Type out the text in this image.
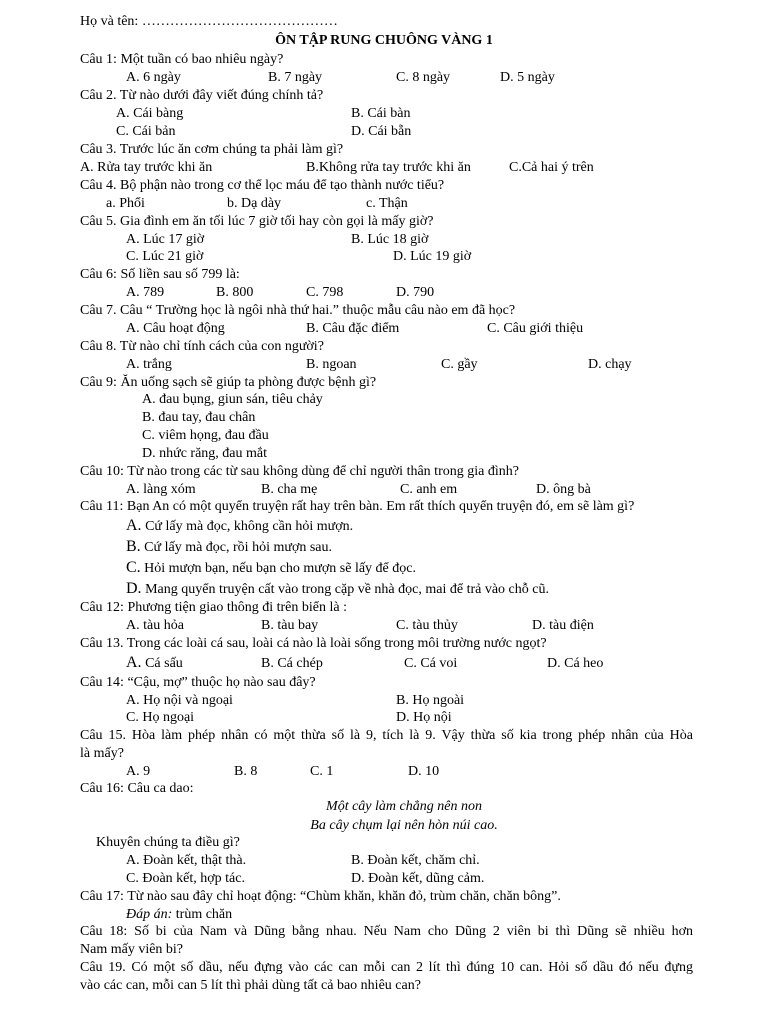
Họ và tên: ……………………………………
ÔN TẬP RUNG CHUÔNG VÀNG 1
Câu 1: Một tuần có bao nhiêu ngày?
A. 6 ngày	B. 7 ngày	C. 8 ngày	D. 5 ngày
Câu 2. Từ nào dưới đây viết đúng chính tả?
A. Cái bàng	B. Cái bàn
C. Cái bản	D. Cái bẵn
Câu 3. Trước lúc ăn cơm chúng ta phải làm gì?
A. Rửa tay trước khi ăn	B.Không rửa tay trước khi ăn	C.Cả hai ý trên
Câu 4. Bộ phận nào trong cơ thể lọc máu để tạo thành nước tiểu?
a. Phổi	b. Dạ dày	c. Thận
Câu 5. Gia đình em ăn tối lúc 7 giờ tối hay còn gọi là mấy giờ?
A. Lúc 17 giờ	B. Lúc 18 giờ
C. Lúc 21 giờ	D. Lúc 19 giờ
Câu 6: Số liền sau số 799 là:
A. 789	B. 800	C. 798	D. 790
Câu 7. Câu “ Trường học là ngôi nhà thứ hai.” thuộc mẫu câu nào em đã học?
A. Câu hoạt động	B. Câu đặc điểm	C. Câu giới thiệu
Câu 8. Từ nào chỉ tính cách của con người?
A. trắng	B. ngoan	C. gầy	D. chạy
Câu 9: Ăn uống sạch sẽ giúp ta phòng được bệnh gì?
A. đau bụng, giun sán, tiêu chảy
B. đau tay, đau chân
C. viêm họng, đau đầu
D. nhức răng, đau mắt
Câu 10: Từ nào trong các từ sau không dùng để chỉ người thân trong gia đình?
A. làng xóm	B. cha mẹ	C. anh em	D. ông bà
Câu 11: Bạn An có một quyển truyện rất hay trên bàn. Em rất thích quyển truyện đó, em sẽ làm gì?
A. Cứ lấy mà đọc, không cần hỏi mượn.
B. Cứ lấy mà đọc, rồi hỏi mượn sau.
C. Hỏi mượn bạn, nếu bạn cho mượn sẽ lấy để đọc.
D. Mang quyển truyện cất vào trong cặp về nhà đọc, mai để trả vào chỗ cũ.
Câu 12: Phương tiện giao thông đi trên biển là :
A. tàu hỏa	B. tàu bay	C. tàu thủy	D. tàu điện
Câu 13. Trong các loài cá sau, loài cá nào là loài sống trong môi trường nước ngọt?
A. Cá sấu	B. Cá chép	C. Cá voi	D. Cá heo
Câu 14: “Cậu, mợ” thuộc họ nào sau đây?
A. Họ nội và ngoại	B. Họ ngoài
C. Họ ngoại	D. Họ nội
Câu 15. Hòa làm phép nhân có một thừa số là 9, tích là 9. Vậy thừa số kia trong phép nhân của Hòa
là mấy?
A. 9	B. 8	C. 1	D. 10
Câu 16: Câu ca dao:
Một cây làm chẳng nên non
Ba cây chụm lại nên hòn núi cao.
Khuyên chúng ta điều gì?
A. Đoàn kết, thật thà.	B. Đoàn kết, chăm chỉ.
C. Đoàn kết, hợp tác.	D. Đoàn kết, dũng cảm.
Câu 17: Từ nào sau đây chỉ hoạt động: “Chùm khăn, khăn đỏ, trùm chăn, chăn bông”.
Đáp án: trùm chăn
Câu 18: Số bi của Nam và Dũng bằng nhau. Nếu Nam cho Dũng 2 viên bi thì Dũng sẽ nhiều hơn
Nam mấy viên bi?
Câu 19. Có một số dầu, nếu đựng vào các can mỗi can 2 lít thì đúng 10 can. Hỏi số dầu đó nếu đựng
vào các can, mỗi can 5 lít thì phải dùng tất cả bao nhiêu can?
